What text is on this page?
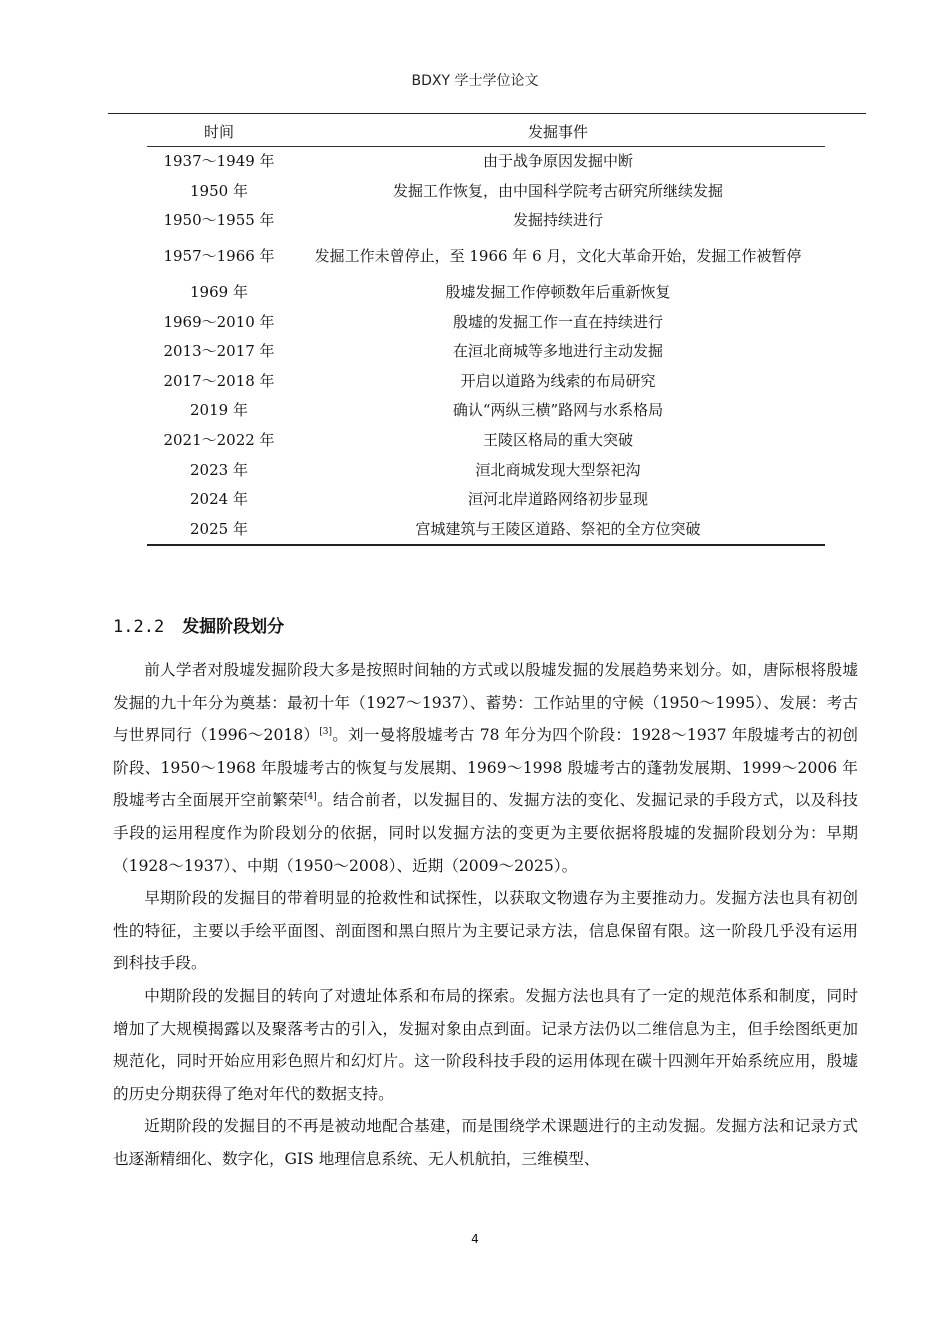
BDXY 学士学位论文
时间	发掘事件
1937～1949 年	由于战争原因发掘中断
1950 年	发掘工作恢复，由中国科学院考古研究所继续发掘
1950～1955 年	发掘持续进行
1957～1966 年	发掘工作未曾停止，至 1966 年 6 月，文化大革命开始，发掘工作被暂停
1969 年	殷墟发掘工作停顿数年后重新恢复
1969～2010 年	殷墟的发掘工作一直在持续进行
2013～2017 年	在洹北商城等多地进行主动发掘
2017～2018 年	开启以道路为线索的布局研究
2019 年	确认“两纵三横”路网与水系格局
2021～2022 年	王陵区格局的重大突破
2023 年	洹北商城发现大型祭祀沟
2024 年	洹河北岸道路网络初步显现
2025 年	宫城建筑与王陵区道路、祭祀的全方位突破
1.2.2 发掘阶段划分

前人学者对殷墟发掘阶段大多是按照时间轴的方式或以殷墟发掘的发展趋势来划分。如，唐际根将殷墟发掘的九十年分为奠基：最初十年（1927～1937）、蓄势：工作站里的守候（1950～1995）、发展：考古与世界同行（1996～2018）[3]。刘一曼将殷墟考古 78 年分为四个阶段：1928～1937 年殷墟考古的初创阶段、1950～1968 年殷墟考古的恢复与发展期、1969～1998 殷墟考古的蓬勃发展期、1999～2006 年殷墟考古全面展开空前繁荣[4]。结合前者，以发掘目的、发掘方法的变化、发掘记录的手段方式，以及科技手段的运用程度作为阶段划分的依据，同时以发掘方法的变更为主要依据将殷墟的发掘阶段划分为：早期（1928～1937）、中期（1950～2008）、近期（2009～2025）。

早期阶段的发掘目的带着明显的抢救性和试探性，以获取文物遗存为主要推动力。发掘方法也具有初创性的特征，主要以手绘平面图、剖面图和黑白照片为主要记录方法，信息保留有限。这一阶段几乎没有运用到科技手段。

中期阶段的发掘目的转向了对遗址体系和布局的探索。发掘方法也具有了一定的规范体系和制度，同时增加了大规模揭露以及聚落考古的引入，发掘对象由点到面。记录方法仍以二维信息为主，但手绘图纸更加规范化，同时开始应用彩色照片和幻灯片。这一阶段科技手段的运用体现在碳十四测年开始系统应用，殷墟的历史分期获得了绝对年代的数据支持。

近期阶段的发掘目的不再是被动地配合基建，而是围绕学术课题进行的主动发掘。发掘方法和记录方式也逐渐精细化、数字化，GIS 地理信息系统、无人机航拍，三维模型、

4
